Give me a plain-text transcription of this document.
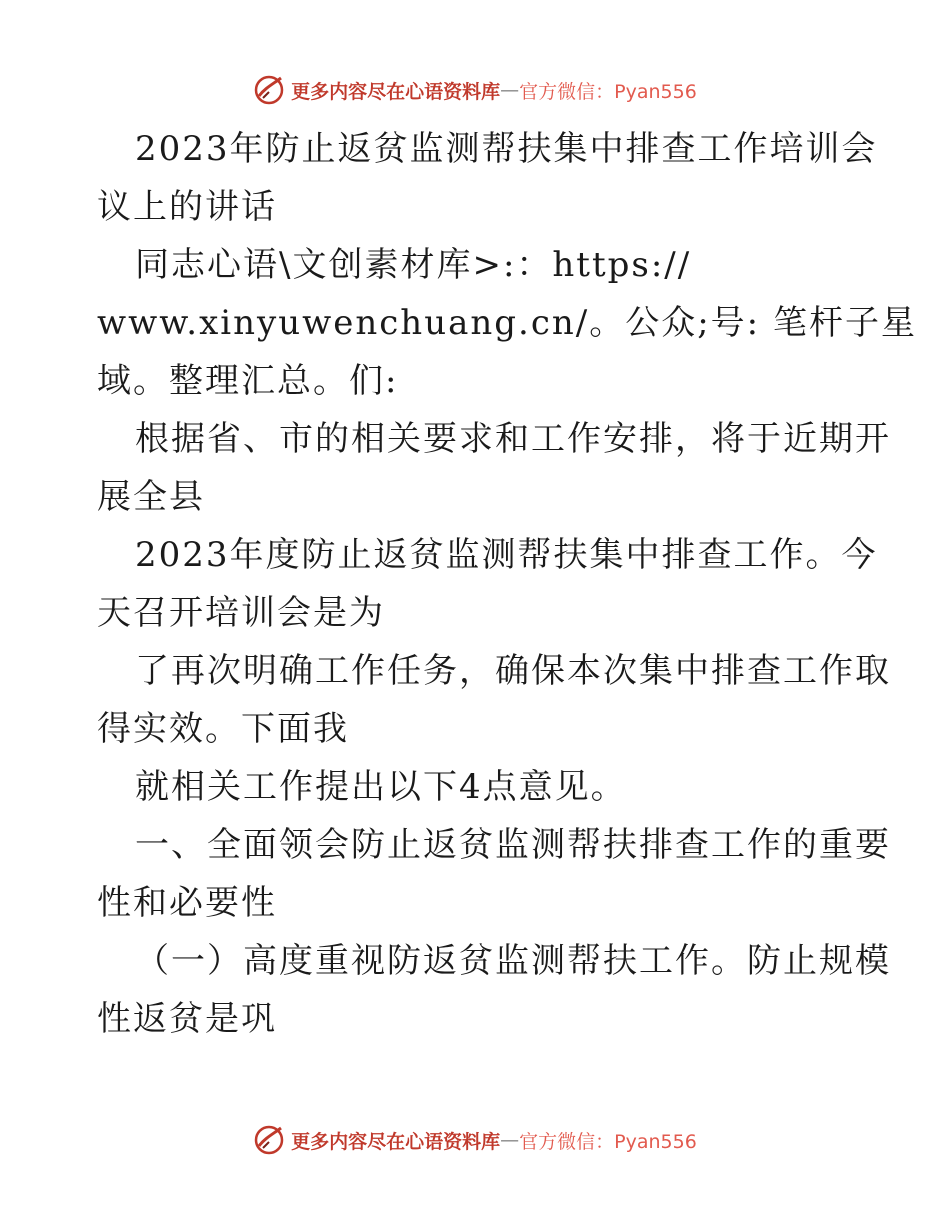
更多内容尽在心语资料库 — 官方微信：Pyan556
2023年防止返贫监测帮扶集中排查工作培训会
议上的讲话
同志心语\文创素材库>:：https://
www.xinyuwenchuang.cn/。公众;号: 笔杆子星
域。整理汇总。们:
根据省、市的相关要求和工作安排，将于近期开
展全县
2023年度防止返贫监测帮扶集中排查工作。今
天召开培训会是为
了再次明确工作任务，确保本次集中排查工作取
得实效。下面我
就相关工作提出以下4点意见。
一、全面领会防止返贫监测帮扶排查工作的重要
性和必要性
（一）高度重视防返贫监测帮扶工作。防止规模
性返贫是巩
更多内容尽在心语资料库 — 官方微信：Pyan556
